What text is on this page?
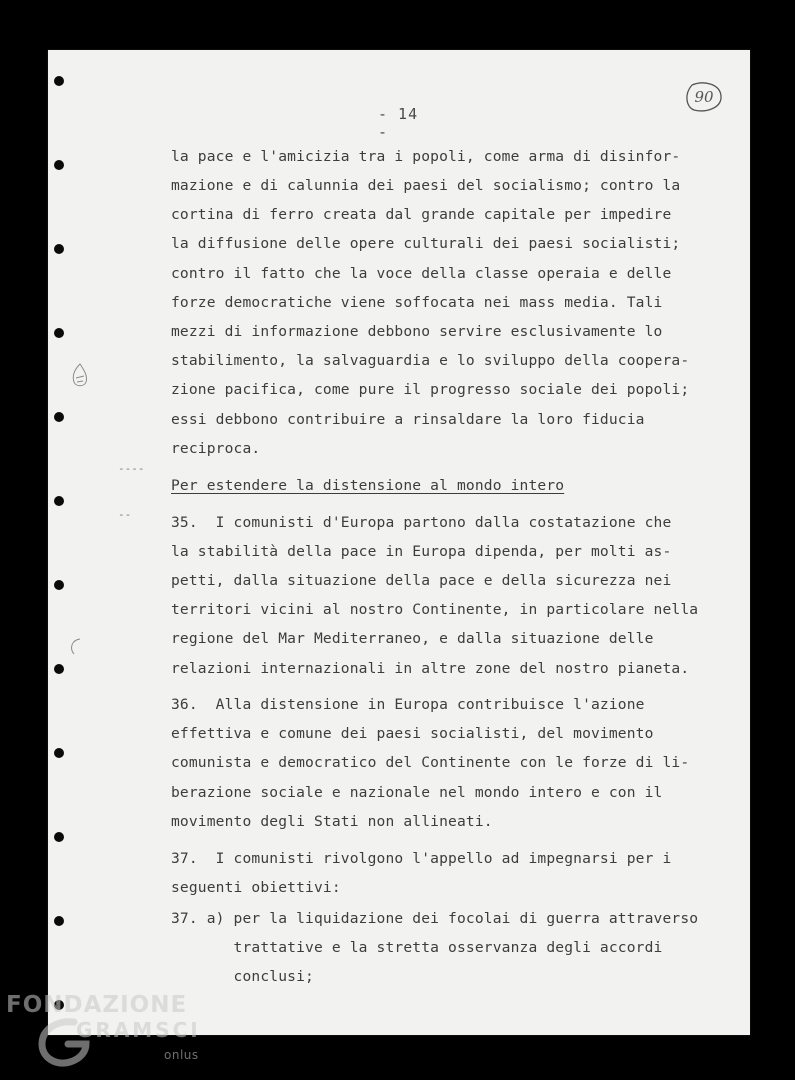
----
--
- 14 -
90
la pace e l'amicizia tra i popoli, come arma di disinfor-
mazione e di calunnia dei paesi del socialismo; contro la
cortina di ferro creata dal grande capitale per impedire
la diffusione delle opere culturali dei paesi socialisti;
contro il fatto che la voce della classe operaia e delle
forze democratiche viene soffocata nei mass media. Tali
mezzi di informazione debbono servire esclusivamente lo
stabilimento, la salvaguardia e lo sviluppo della coopera-
zione pacifica, come pure il progresso sociale dei popoli;
essi debbono contribuire a rinsaldare la loro fiducia
reciproca.
Per estendere la distensione al mondo intero
35.  I comunisti d'Europa partono dalla costatazione che
la stabilità della pace in Europa dipenda, per molti as-
petti, dalla situazione della pace e della sicurezza nei
territori vicini al nostro Continente, in particolare nella
regione del Mar Mediterraneo, e dalla situazione delle
relazioni internazionali in altre zone del nostro pianeta.
36.  Alla distensione in Europa contribuisce l'azione
effettiva e comune dei paesi socialisti, del movimento
comunista e democratico del Continente con le forze di li-
berazione sociale e nazionale nel mondo intero e con il
movimento degli Stati non allineati.
37.  I comunisti rivolgono l'appello ad impegnarsi per i
seguenti obiettivi:
37. a) per la liquidazione dei focolai di guerra attraverso
trattative e la stretta osservanza degli accordi
conclusi;
FONDAZIONE
GRAMSCI
onlus
